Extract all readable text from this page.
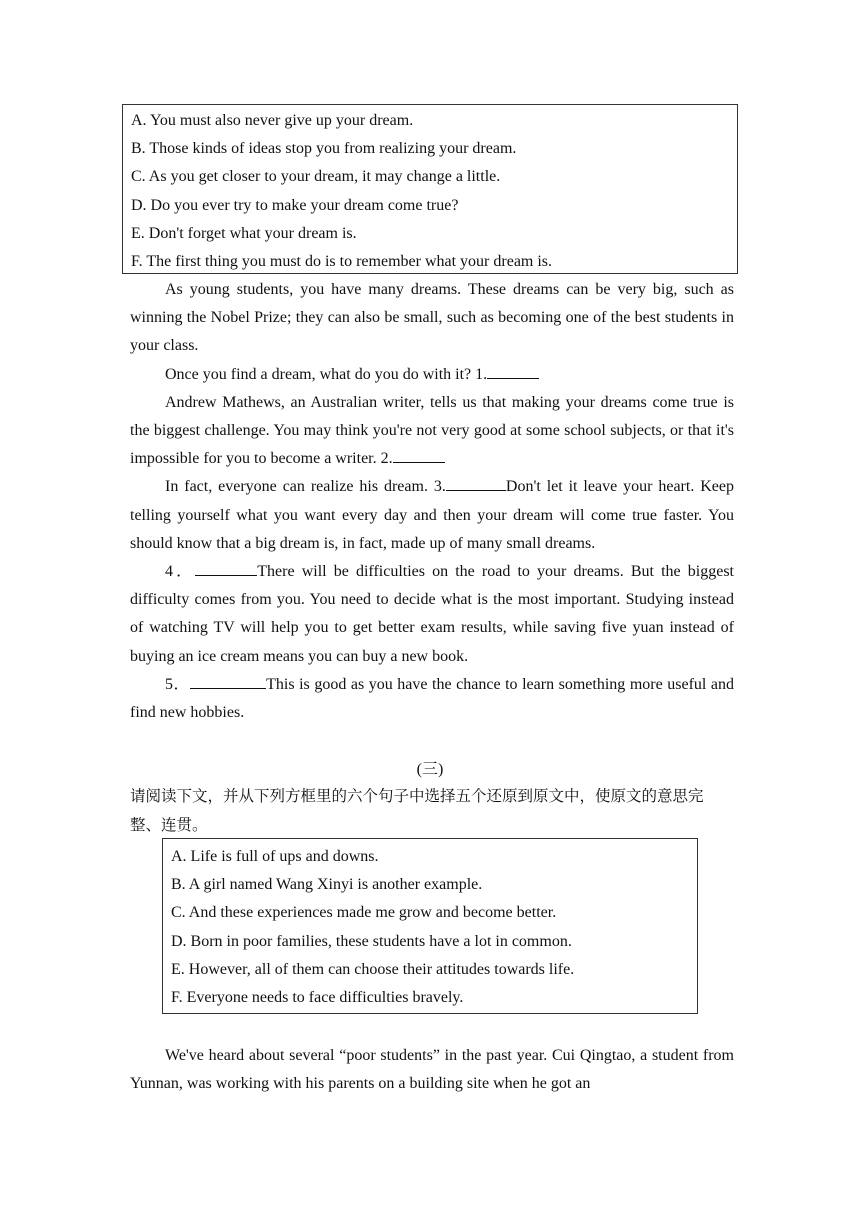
A. You must also never give up your dream.
B. Those kinds of ideas stop you from realizing your dream.
C. As you get closer to your dream, it may change a little.
D. Do you ever try to make your dream come true?
E. Don't forget what your dream is.
F. The first thing you must do is to remember what your dream is.

As young students, you have many dreams. These dreams can be very big, such as winning the Nobel Prize; they can also be small, such as becoming one of the best students in your class.

Once you find a dream, what do you do with it? 1.

Andrew Mathews, an Australian writer, tells us that making your dreams come true is the biggest challenge. You may think you're not very good at some school subjects, or that it's impossible for you to become a writer. 2.

In fact, everyone can realize his dream. 3.	Don't let it leave your heart. Keep telling yourself what you want every day and then your dream will come true faster. You should know that a big dream is, in fact, made up of many small dreams.

4．	There will be difficulties on the road to your dreams. But the biggest difficulty comes from you. You need to decide what is the most important. Studying instead of watching TV will help you to get better exam results, while saving five yuan instead of buying an ice cream means you can buy a new book.

5．	This is good as you have the chance to learn something more useful and find new hobbies.

(三)
请阅读下文，并从下列方框里的六个句子中选择五个还原到原文中，使原文的意思完整、连贯。
A. Life is full of ups and downs.
B. A girl named Wang Xinyi is another example.
C. And these experiences made me grow and become better.
D. Born in poor families, these students have a lot in common.
E. However, all of them can choose their attitudes towards life.
F. Everyone needs to face difficulties bravely.

We've heard about several “poor students” in the past year. Cui Qingtao, a student from Yunnan, was working with his parents on a building site when he got an
